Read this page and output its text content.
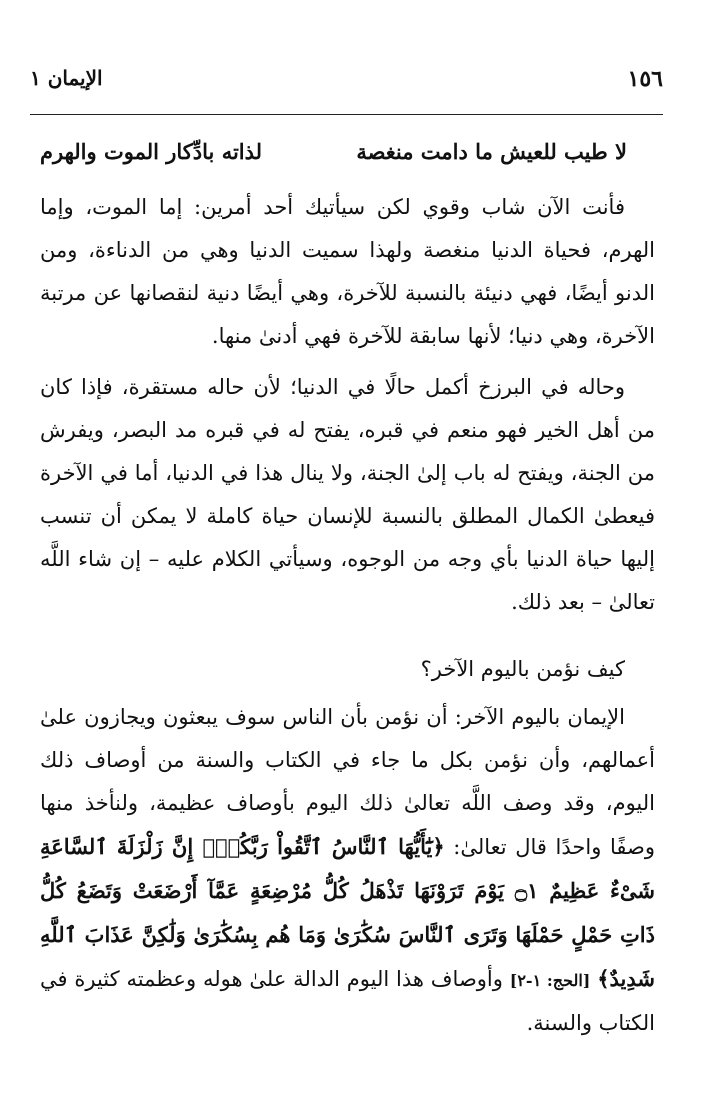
١٥٦
الإيمان ١
لا طيب للعيش ما دامت منغصة
لذاته بادِّكار الموت والهرم
فأنت الآن شاب وقوي لكن سيأتيك أحد أمرين: إما الموت، وإما الهرم، فحياة الدنيا منغصة ولهذا سميت الدنيا وهي من الدناءة، ومن الدنو أيضًا، فهي دنيئة بالنسبة للآخرة، وهي أيضًا دنية لنقصانها عن مرتبة الآخرة، وهي دنيا؛ لأنها سابقة للآخرة فهي أدنىٰ منها.
وحاله في البرزخ أكمل حالًا في الدنيا؛ لأن حاله مستقرة، فإذا كان من أهل الخير فهو منعم في قبره، يفتح له في قبره مد البصر، ويفرش من الجنة، ويفتح له باب إلىٰ الجنة، ولا ينال هذا في الدنيا، أما في الآخرة فيعطىٰ الكمال المطلق بالنسبة للإنسان حياة كاملة لا يمكن أن تنسب إليها حياة الدنيا بأي وجه من الوجوه، وسيأتي الكلام عليه – إن شاء اللَّه تعالىٰ – بعد ذلك.
كيف نؤمن باليوم الآخر؟
الإيمان باليوم الآخر: أن نؤمن بأن الناس سوف يبعثون ويجازون علىٰ أعمالهم، وأن نؤمن بكل ما جاء في الكتاب والسنة من أوصاف ذلك اليوم، وقد وصف اللَّه تعالىٰ ذلك اليوم بأوصاف عظيمة، ولنأخذ منها وصفًا واحدًا قال تعالىٰ: ﴿يَٰٓأَيُّهَا ٱلنَّاسُ ٱتَّقُواْ رَبَّكُمْۚ إِنَّ زَلْزَلَةَ ٱلسَّاعَةِ شَىْءٌ عَظِيمٌ ۝١ يَوْمَ تَرَوْنَهَا تَذْهَلُ كُلُّ مُرْضِعَةٍ عَمَّآ أَرْضَعَتْ وَتَضَعُ كُلُّ ذَاتِ حَمْلٍ حَمْلَهَا وَتَرَى ٱلنَّاسَ سُكَٰرَىٰ وَمَا هُم بِسُكَٰرَىٰ وَلَٰكِنَّ عَذَابَ ٱللَّهِ شَدِيدٌ﴾ [الحج: ١-٢] وأوصاف هذا اليوم الدالة علىٰ هوله وعظمته كثيرة في الكتاب والسنة.
